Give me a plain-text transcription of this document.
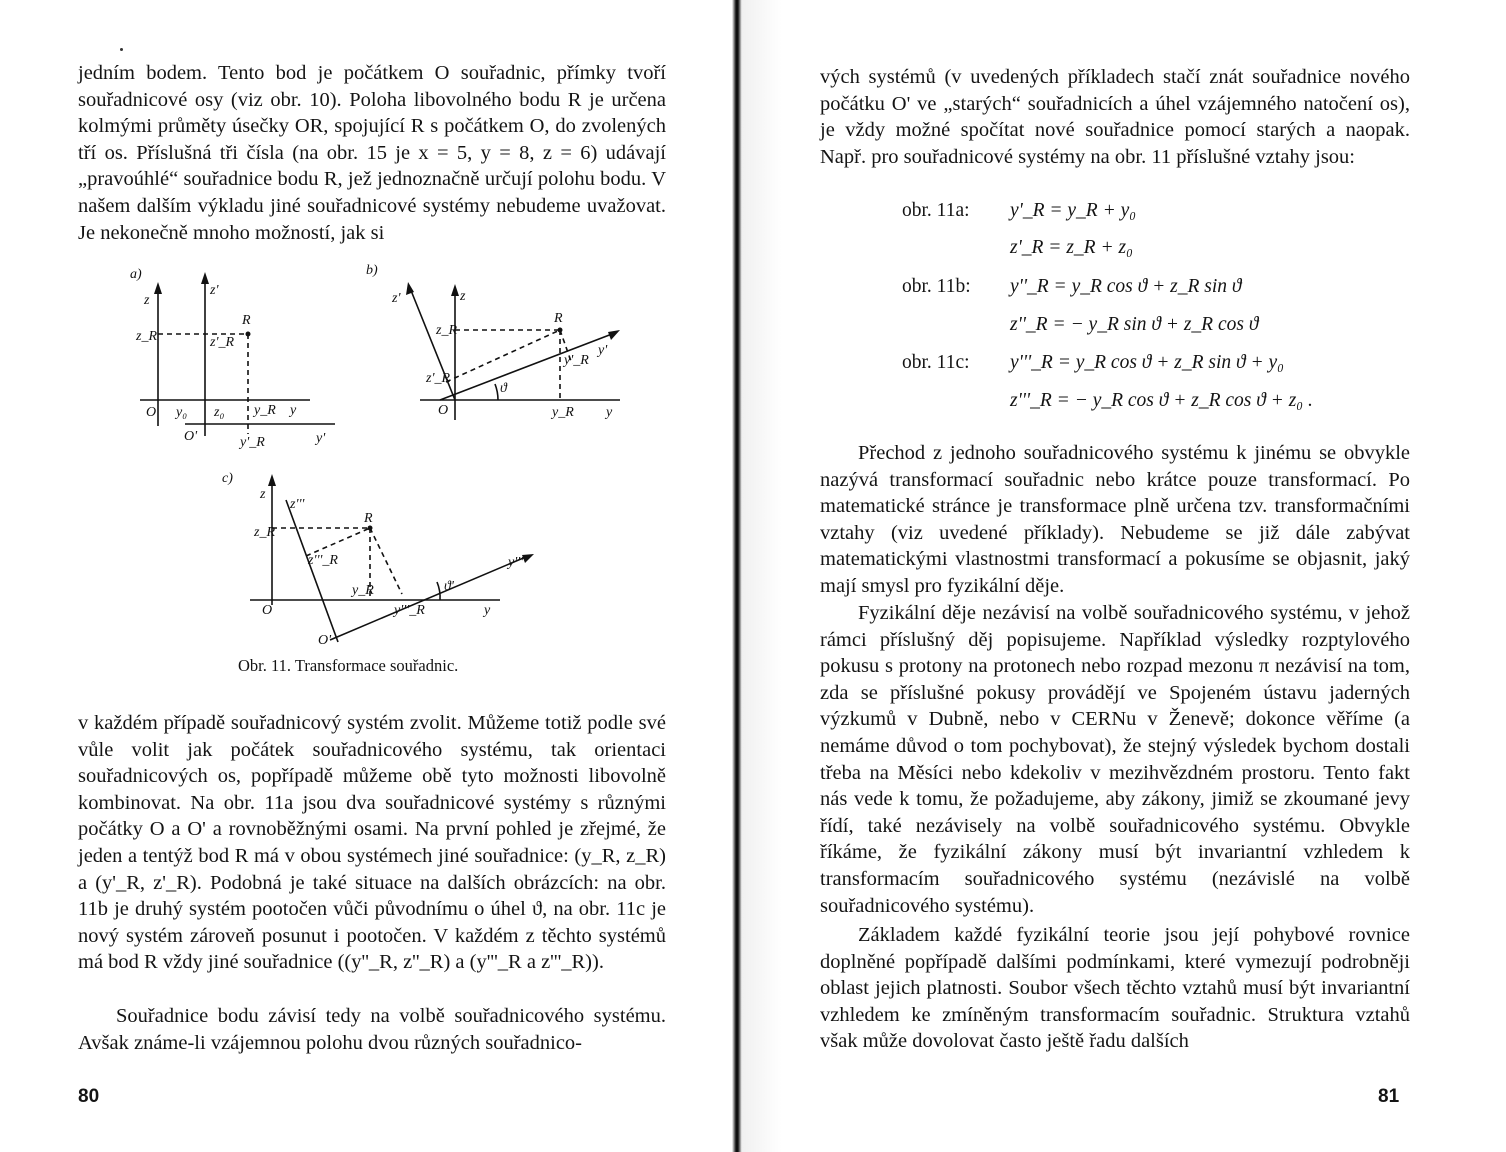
jedním bodem. Tento bod je počátkem O souřadnic, přímky tvoří souřadnicové osy (viz obr. 10). Poloha libovolného bodu R je určena kolmými průměty úsečky OR, spojující R s počátkem O, do zvolených tří os. Příslušná tři čísla (na obr. 15 je x = 5, y = 8, z = 6) udávají „pravoúhlé“ souřadnice bodu R, jež jednoznačně určují polohu bodu. V našem dalším výkladu jiné souřadnicové systémy nebudeme uvažovat. Je nekonečně mnoho možností, jak si

a)	b)
c)
z
z'
z_R	z'_R
R
O
O'
y₀ z₀ y_R y
y'_R	y'
z'	z
z_R
z'_R
R
y'_R
y'
ϑ
O	y_R y
z
z'''
z_R
z'''_R
R
y'''
ϑ'
y_R
y'''_R
O	y
O'
Obr. 11. Transformace souřadnic.

v každém případě souřadnicový systém zvolit. Můžeme totiž podle své vůle volit jak počátek souřadnicového systému, tak orientaci souřadnicových os, popřípadě můžeme obě tyto možnosti libovolně kombinovat. Na obr. 11a jsou dva souřadnicové systémy s různými počátky O a O' a rovnoběžnými osami. Na první pohled je zřejmé, že jeden a tentýž bod R má v obou systémech jiné souřadnice: (y_R, z_R) a (y'_R, z'_R). Podobná je také situace na dalších obrázcích: na obr. 11b je druhý systém pootočen vůči původnímu o úhel ϑ, na obr. 11c je nový systém zároveň posunut i pootočen. V každém z těchto systémů má bod R vždy jiné souřadnice ((y''_R, z''_R) a (y'''_R a z'''_R)).

Souřadnice bodu závisí tedy na volbě souřadnicového systému. Avšak známe-li vzájemnou polohu dvou různých souřadnico-

80

vých systémů (v uvedených příkladech stačí znát souřadnice nového počátku O' ve „starých“ souřadnicích a úhel vzájemného natočení os), je vždy možné spočítat nové souřadnice pomocí starých a naopak. Např. pro souřadnicové systémy na obr. 11 příslušné vztahy jsou:

obr. 11a:	y'_R = y_R + y₀
z'_R = z_R + z₀
obr. 11b:	y''_R = y_R cos ϑ + z_R sin ϑ
z''_R = − y_R sin ϑ + z_R cos ϑ
obr. 11c:	y'''_R = y_R cos ϑ + z_R sin ϑ + y₀
z'''_R = − y_R cos ϑ + z_R cos ϑ + z₀ .

Přechod z jednoho souřadnicového systému k jinému se obvykle nazývá transformací souřadnic nebo krátce pouze transformací. Po matematické stránce je transformace plně určena tzv. transformačními vztahy (viz uvedené příklady). Nebudeme se již dále zabývat matematickými vlastnostmi transformací a pokusíme se objasnit, jaký mají smysl pro fyzikální děje.

Fyzikální děje nezávisí na volbě souřadnicového systému, v jehož rámci příslušný děj popisujeme. Například výsledky rozptylového pokusu s protony na protonech nebo rozpad mezonu π nezávisí na tom, zda se příslušné pokusy provádějí ve Spojeném ústavu jaderných výzkumů v Dubně, nebo v CERNu v Ženevě; dokonce věříme (a nemáme důvod o tom pochybovat), že stejný výsledek bychom dostali třeba na Měsíci nebo kdekoliv v mezihvězdném prostoru. Tento fakt nás vede k tomu, že požadujeme, aby zákony, jimiž se zkoumané jevy řídí, také nezávisely na volbě souřadnicového systému. Obvykle říkáme, že fyzikální zákony musí být invariantní vzhledem k transformacím souřadnicového systému (nezávislé na volbě souřadnicového systému).

Základem každé fyzikální teorie jsou její pohybové rovnice doplněné popřípadě dalšími podmínkami, které vymezují podrobněji oblast jejich platnosti. Soubor všech těchto vztahů musí být invariantní vzhledem ke zmíněným transformacím souřadnic. Struktura vztahů však může dovolovat často ještě řadu dalších

81
